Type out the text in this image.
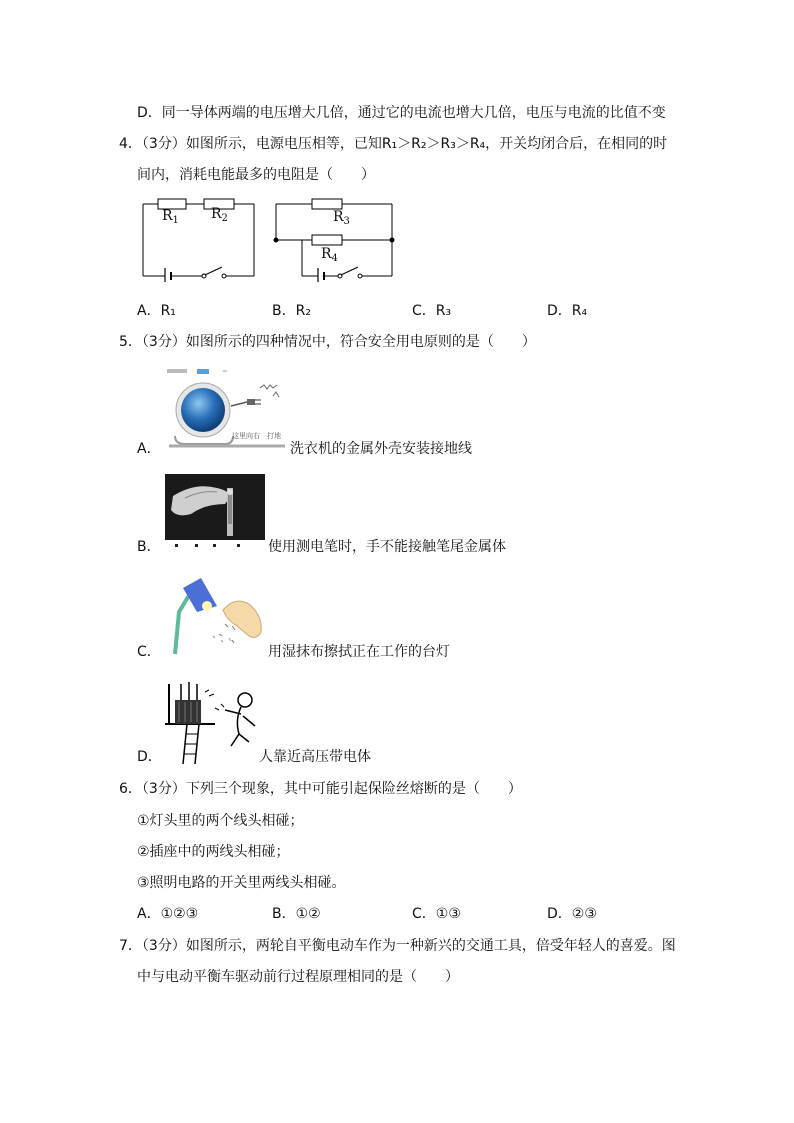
D．同一导体两端的电压增大几倍，通过它的电流也增大几倍，电压与电流的比值不变
4．（3分）如图所示，电源电压相等，已知R₁＞R₂＞R₃＞R₄，开关均闭合后，在相同的时
间内，消耗电能最多的电阻是（　　）
$R_1$ $R_2$	$R_3$
$R_4$
A．R₁	B．R₂	C．R₃	D．R₄
5．（3分）如图所示的四种情况中，符合安全用电原则的是（　　）
A．
这里向右　打地
洗衣机的金属外壳安装接地线
B．	使用测电笔时，手不能接触笔尾金属体
C．	用湿抹布擦拭正在工作的台灯
D．	人靠近高压带电体
6．（3分）下列三个现象，其中可能引起保险丝熔断的是（　　）
①灯头里的两个线头相碰；
②插座中的两线头相碰；
③照明电路的开关里两线头相碰。
A．①②③	B．①②	C．①③	D．②③
7．（3分）如图所示，两轮自平衡电动车作为一种新兴的交通工具，倍受年轻人的喜爱。图
中与电动平衡车驱动前行过程原理相同的是（　　）
